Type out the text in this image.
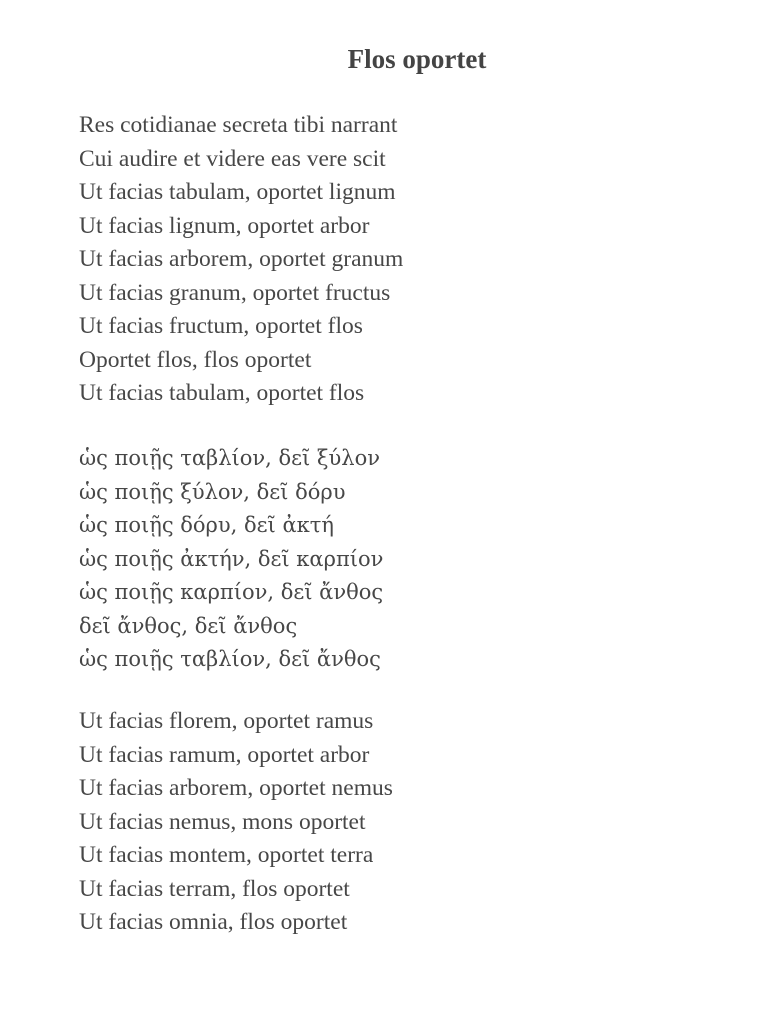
Flos oportet
Res cotidianae secreta tibi narrant
Cui audire et videre eas vere scit
Ut facias tabulam, oportet lignum
Ut facias lignum, oportet arbor
Ut facias arborem, oportet granum
Ut facias granum, oportet fructus
Ut facias fructum, oportet flos
Oportet flos, flos oportet
Ut facias tabulam, oportet flos
ὡς ποιῇς ταβλίον, δεῖ ξύλον
ὡς ποιῇς ξύλον, δεῖ δόρυ
ὡς ποιῇς δόρυ, δεῖ ἀκτή
ὡς ποιῇς ἀκτήν, δεῖ καρπίον
ὡς ποιῇς καρπίον, δεῖ ἄνθος
δεῖ ἄνθος, δεῖ ἄνθος
ὡς ποιῇς ταβλίον, δεῖ ἄνθος
Ut facias florem, oportet ramus
Ut facias ramum, oportet arbor
Ut facias arborem, oportet nemus
Ut facias nemus, mons oportet
Ut facias montem, oportet terra
Ut facias terram, flos oportet
Ut facias omnia, flos oportet
